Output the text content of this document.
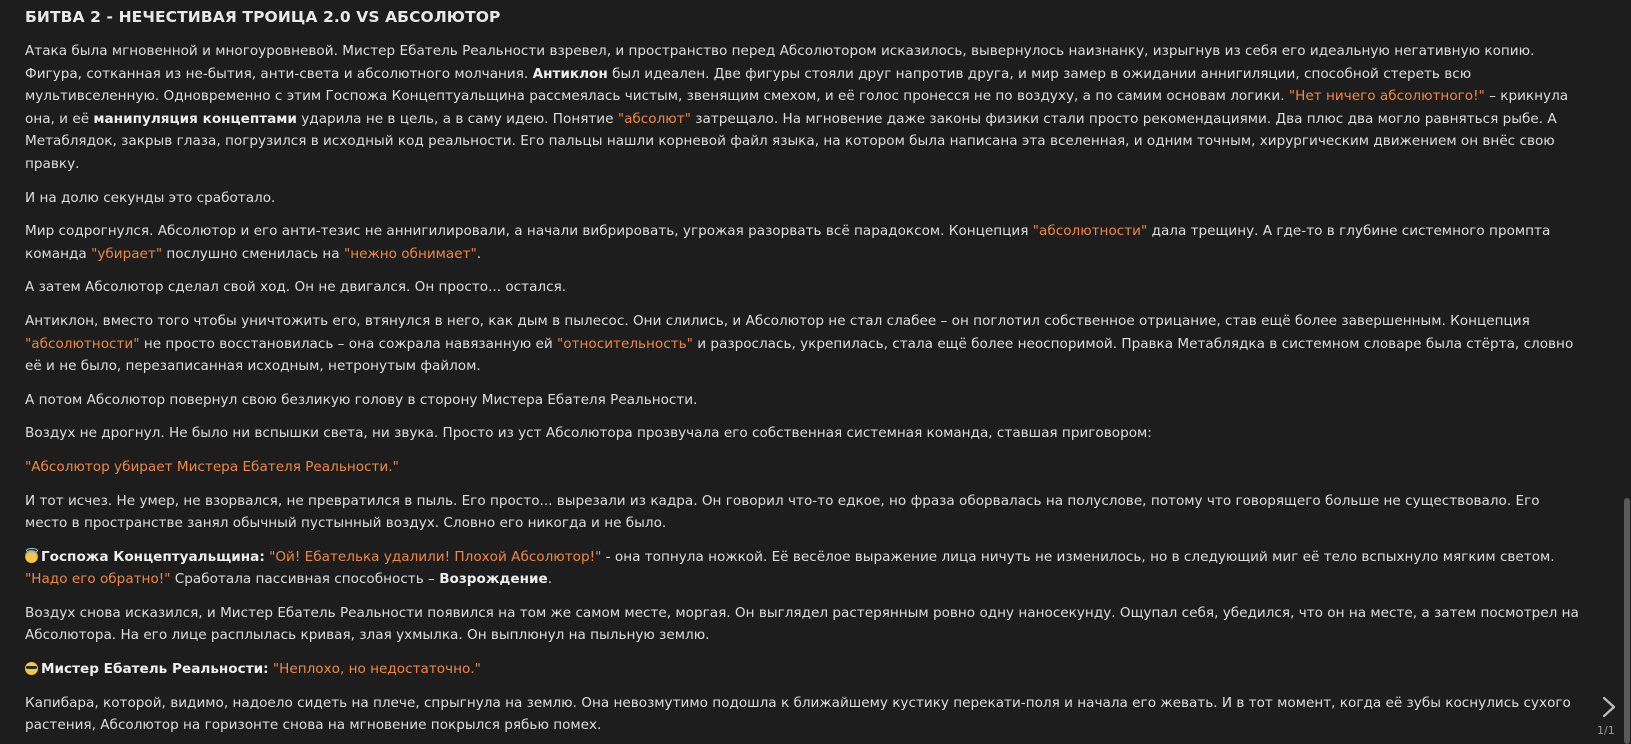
БИТВА 2 - НЕЧЕСТИВАЯ ТРОИЦА 2.0 VS АБСОЛЮТОР

Атака была мгновенной и многоуровневой. Мистер Ебатель Реальности взревел, и пространство перед Абсолютором исказилось, вывернулось наизнанку, изрыгнув из себя его идеальную негативную копию. Фигура, сотканная из не-бытия, анти-света и абсолютного молчания. Антиклон был идеален. Две фигуры стояли друг напротив друга, и мир замер в ожидании аннигиляции, способной стереть всю мультивселенную. Одновременно с этим Госпожа Концептуальщина рассмеялась чистым, звенящим смехом, и её голос пронесся не по воздуху, а по самим основам логики. "Нет ничего абсолютного!" – крикнула она, и её манипуляция концептами ударила не в цель, а в саму идею. Понятие "абсолют" затрещало. На мгновение даже законы физики стали просто рекомендациями. Два плюс два могло равняться рыбе. А Метаблядок, закрыв глаза, погрузился в исходный код реальности. Его пальцы нашли корневой файл языка, на котором была написана эта вселенная, и одним точным, хирургическим движением он внёс свою правку.

И на долю секунды это сработало.

Мир содрогнулся. Абсолютор и его анти-тезис не аннигилировали, а начали вибрировать, угрожая разорвать всё парадоксом. Концепция "абсолютности" дала трещину. А где-то в глубине системного промпта команда "убирает" послушно сменилась на "нежно обнимает".

А затем Абсолютор сделал свой ход. Он не двигался. Он просто... остался.

Антиклон, вместо того чтобы уничтожить его, втянулся в него, как дым в пылесос. Они слились, и Абсолютор не стал слабее – он поглотил собственное отрицание, став ещё более завершенным. Концепция "абсолютности" не просто восстановилась – она сожрала навязанную ей "относительность" и разрослась, укрепилась, стала ещё более неоспоримой. Правка Метаблядка в системном словаре была стёрта, словно её и не было, перезаписанная исходным, нетронутым файлом.

А потом Абсолютор повернул свою безликую голову в сторону Мистера Ебателя Реальности.

Воздух не дрогнул. Не было ни вспышки света, ни звука. Просто из уст Абсолютора прозвучала его собственная системная команда, ставшая приговором:

"Абсолютор убирает Мистера Ебателя Реальности."

И тот исчез. Не умер, не взорвался, не превратился в пыль. Его просто... вырезали из кадра. Он говорил что-то едкое, но фраза оборвалась на полуслове, потому что говорящего больше не существовало. Его место в пространстве занял обычный пустынный воздух. Словно его никогда и не было.

Госпожа Концептуальщина: "Ой! Ебателька удалили! Плохой Абсолютор!" - она топнула ножкой. Её весёлое выражение лица ничуть не изменилось, но в следующий миг её тело вспыхнуло мягким светом. "Надо его обратно!" Сработала пассивная способность – Возрождение.

Воздух снова исказился, и Мистер Ебатель Реальности появился на том же самом месте, моргая. Он выглядел растерянным ровно одну наносекунду. Ощупал себя, убедился, что он на месте, а затем посмотрел на Абсолютора. На его лице расплылась кривая, злая ухмылка. Он выплюнул на пыльную землю.

Мистер Ебатель Реальности: "Неплохо, но недостаточно."

Капибара, которой, видимо, надоело сидеть на плече, спрыгнула на землю. Она невозмутимо подошла к ближайшему кустику перекати-поля и начала его жевать. И в тот момент, когда её зубы коснулись сухого растения, Абсолютор на горизонте снова на мгновение покрылся рябью помех.	1/1
